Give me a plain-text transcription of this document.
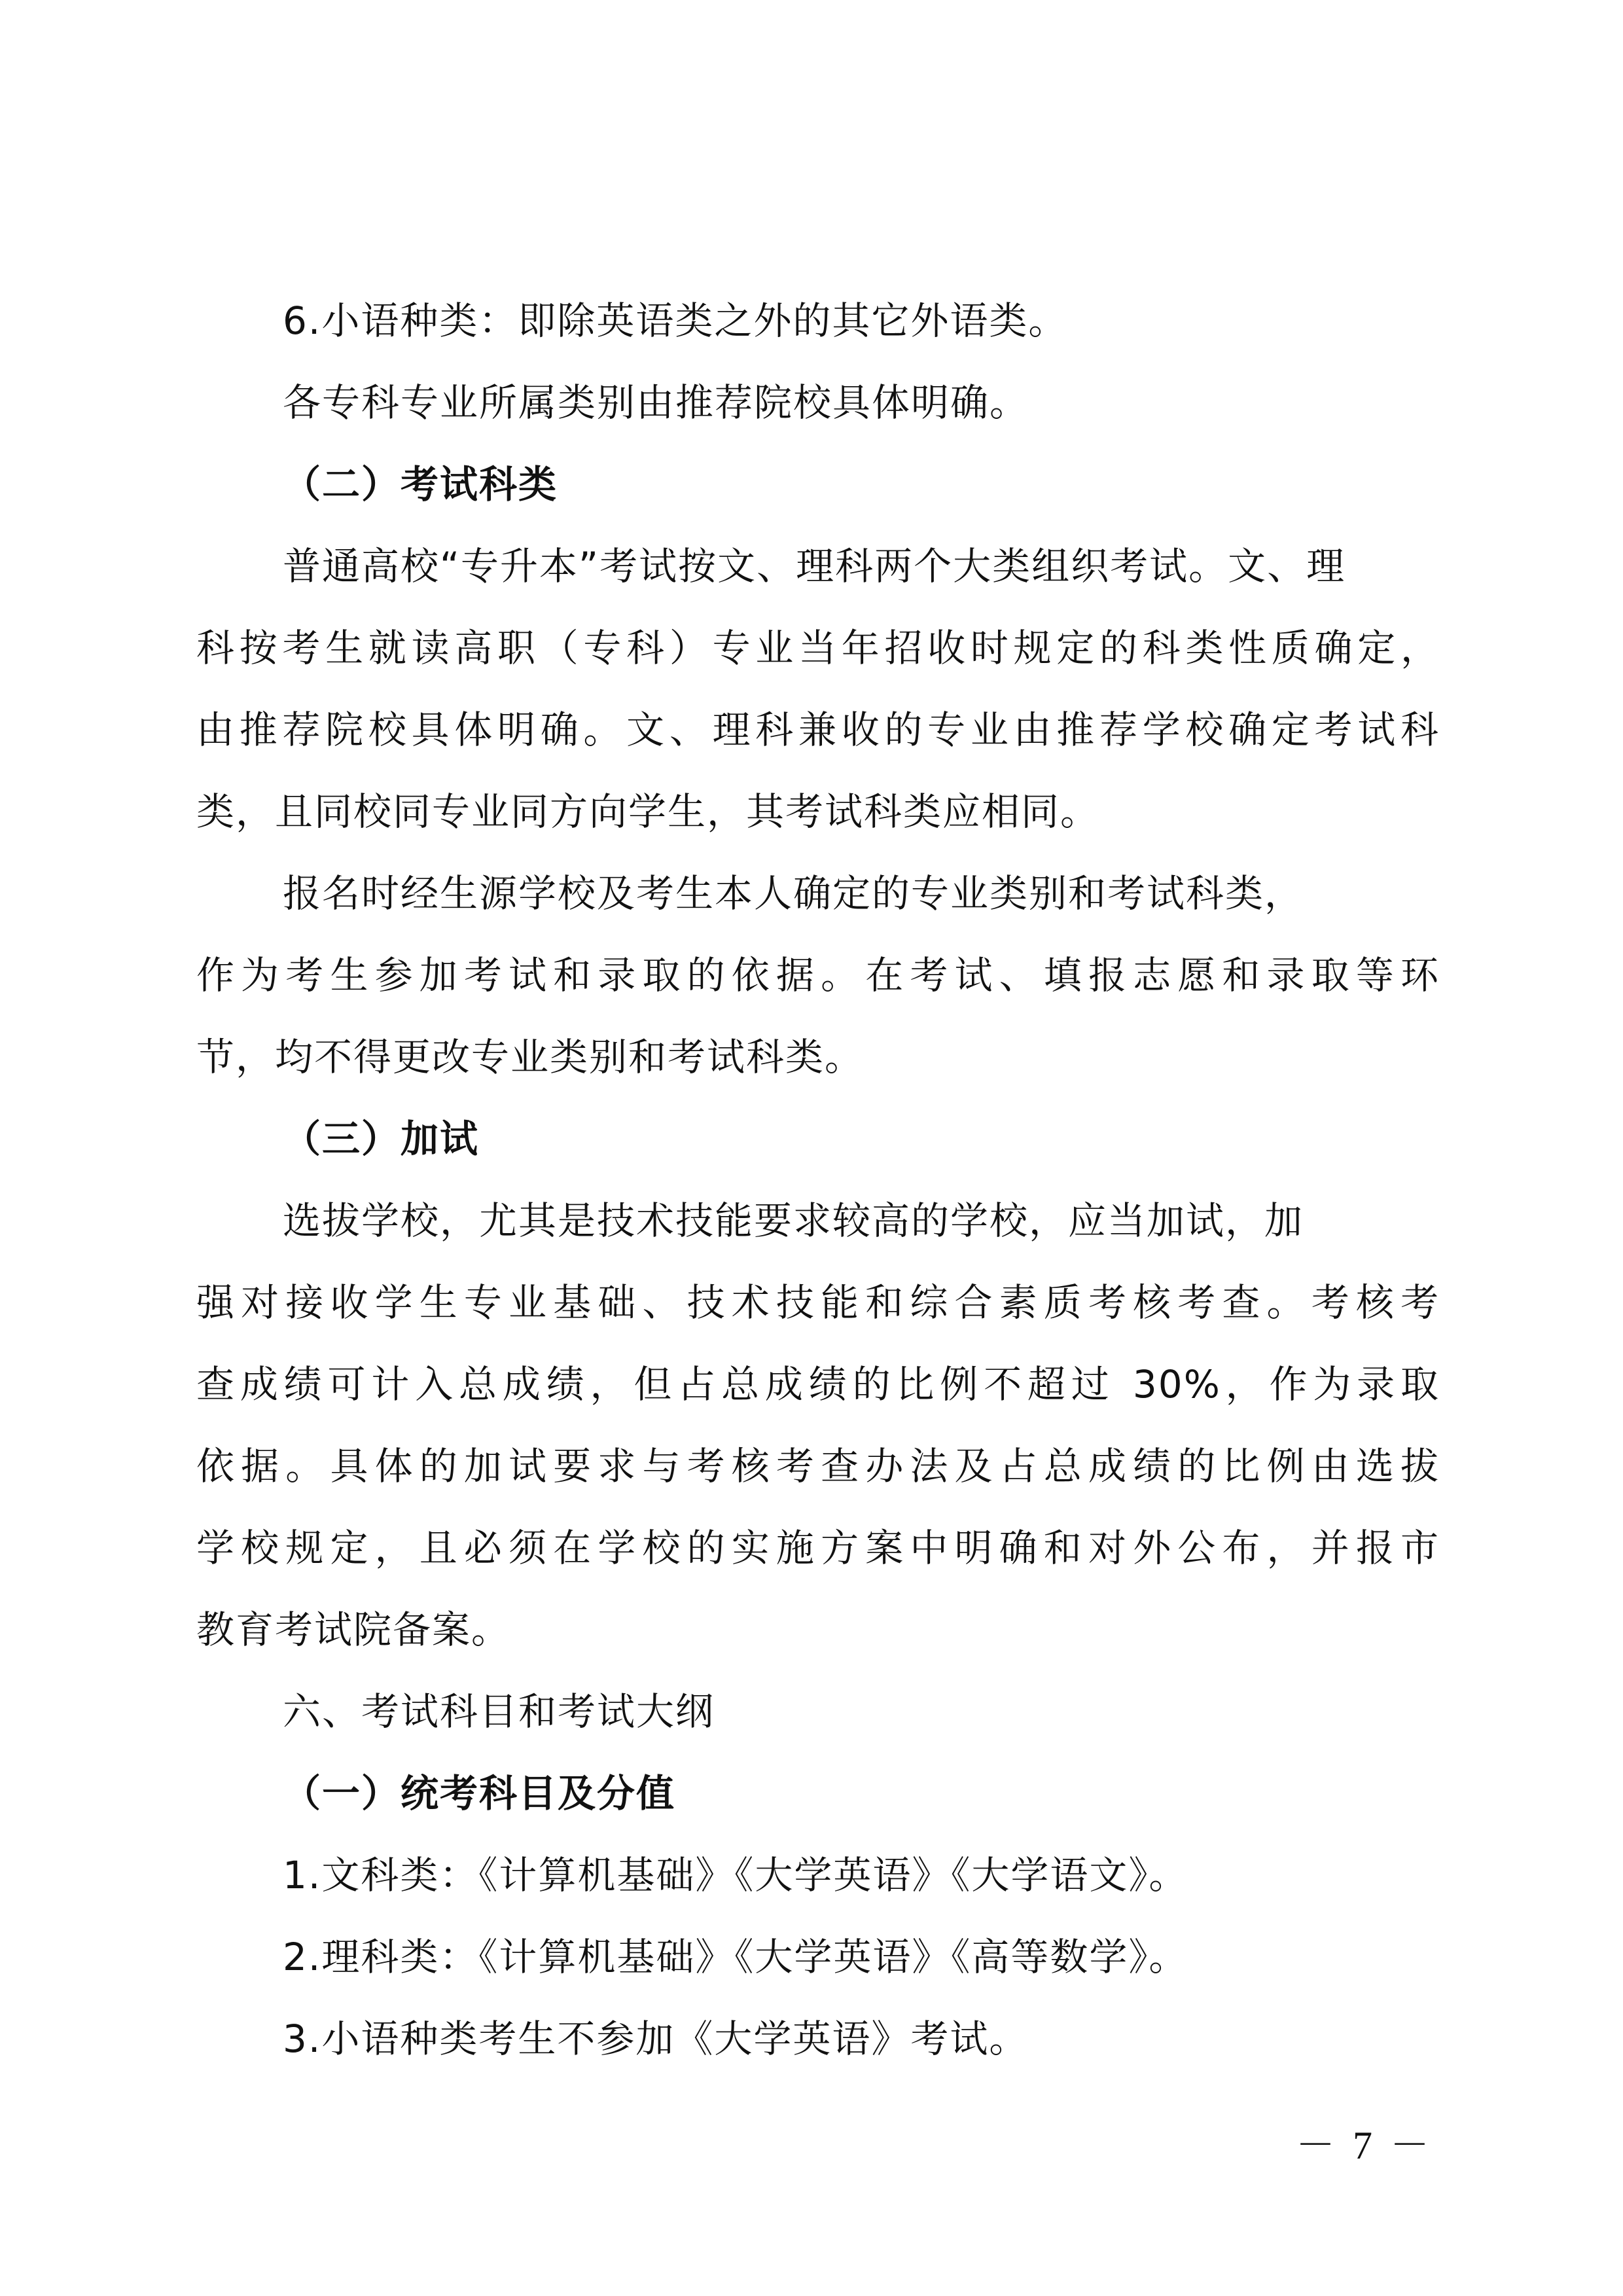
6.小语种类：即除英语类之外的其它外语类。
各专科专业所属类别由推荐院校具体明确。
（二）考试科类
普通高校“专升本”考试按文、理科两个大类组织考试。文、理
科按考生就读高职（专科）专业当年招收时规定的科类性质确定，
由推荐院校具体明确。文、理科兼收的专业由推荐学校确定考试科
类，且同校同专业同方向学生，其考试科类应相同。
报名时经生源学校及考生本人确定的专业类别和考试科类，
作为考生参加考试和录取的依据。在考试、填报志愿和录取等环
节，均不得更改专业类别和考试科类。
（三）加试
选拔学校，尤其是技术技能要求较高的学校，应当加试，加
强对接收学生专业基础、技术技能和综合素质考核考查。考核考
查成绩可计入总成绩，但占总成绩的比例不超过 30%，作为录取
依据。具体的加试要求与考核考查办法及占总成绩的比例由选拔
学校规定，且必须在学校的实施方案中明确和对外公布，并报市
教育考试院备案。
六、考试科目和考试大纲
（一）统考科目及分值
1.文科类：《计算机基础》《大学英语》《大学语文》。
2.理科类：《计算机基础》《大学英语》《高等数学》。
3.小语种类考生不参加《大学英语》考试。
－ 7 －
